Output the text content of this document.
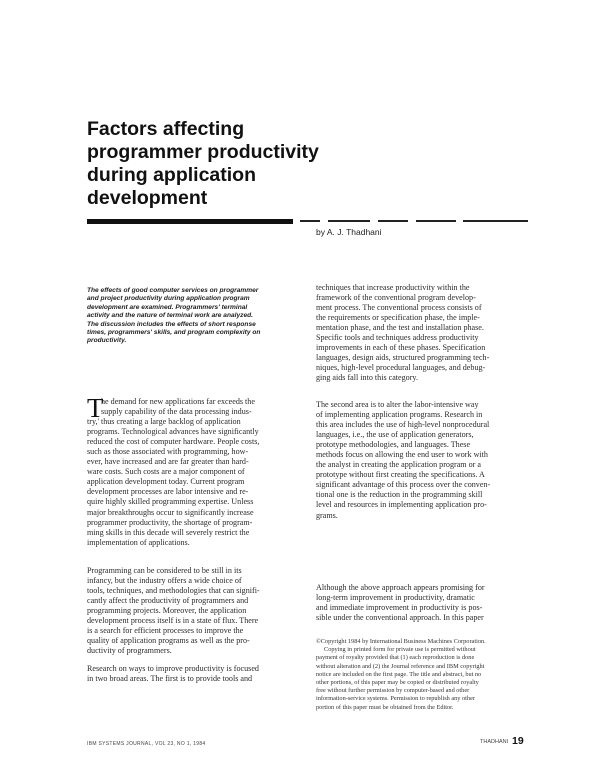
Factors affecting
programmer productivity
during application
development
by A. J. Thadhani
The effects of good computer services on programmer
and project productivity during application program
development are examined. Programmers' terminal
activity and the nature of terminal work are analyzed.
The discussion includes the effects of short response
times, programmers' skills, and program complexity on
productivity.
T
he demand for new applications far exceeds the
supply capability of the data processing indus-
try,' thus creating a large backlog of application
programs. Technological advances have significantly
reduced the cost of computer hardware. People costs,
such as those associated with programming, how-
ever, have increased and are far greater than hard-
ware costs. Such costs are a major component of
application development today. Current program
development processes are labor intensive and re-
quire highly skilled programming expertise. Unless
major breakthroughs occur to significantly increase
programmer productivity, the shortage of program-
ming skills in this decade will severely restrict the
implementation of applications.
Programming can be considered to be still in its
infancy, but the industry offers a wide choice of
tools, techniques, and methodologies that can signifi-
cantly affect the productivity of programmers and
programming projects. Moreover, the application
development process itself is in a state of flux. There
is a search for efficient processes to improve the
quality of application programs as well as the pro-
ductivity of programmers.
Research on ways to improve productivity is focused
in two broad areas. The first is to provide tools and
techniques that increase productivity within the
framework of the conventional program develop-
ment process. The conventional process consists of
the requirements or specification phase, the imple-
mentation phase, and the test and installation phase.
Specific tools and techniques address productivity
improvements in each of these phases. Specification
languages, design aids, structured programming tech-
niques, high-level procedural languages, and debug-
ging aids fall into this category.
The second area is to alter the labor-intensive way
of implementing application programs. Research in
this area includes the use of high-level nonprocedural
languages, i.e., the use of application generators,
prototype methodologies, and languages. These
methods focus on allowing the end user to work with
the analyst in creating the application program or a
prototype without first creating the specifications. A
significant advantage of this process over the conven-
tional one is the reduction in the programming skill
level and resources in implementing application pro-
grams.
Although the above approach appears promising for
long-term improvement in productivity, dramatic
and immediate improvement in productivity is pos-
sible under the conventional approach. In this paper
©Copyright 1984 by International Business Machines Corporation.
Copying in printed form for private use is permitted without
payment of royalty provided that (1) each reproduction is done
without alteration and (2) the Journal reference and IBM copyright
notice are included on the first page. The title and abstract, but no
other portions, of this paper may be copied or distributed royalty
free without further permission by computer-based and other
information-service systems. Permission to republish any other
portion of this paper must be obtained from the Editor.
IBM SYSTEMS JOURNAL, VOL 23, NO 1, 1984	THADHANI 19
